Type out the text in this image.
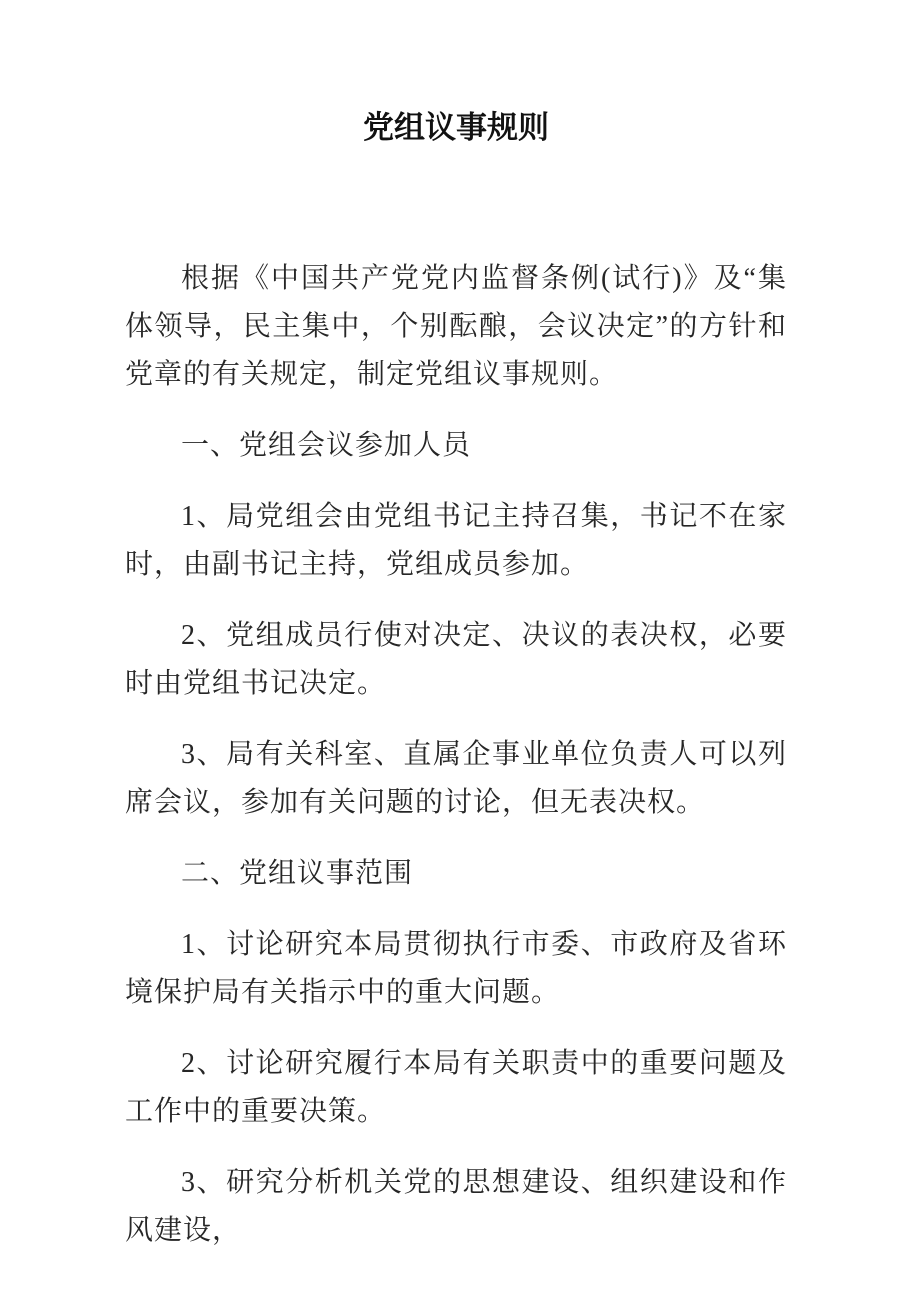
党组议事规则

根据《中国共产党党内监督条例(试行)》及“集体领导，民主集中，个别酝酿，会议决定”的方针和党章的有关规定，制定党组议事规则。

一、党组会议参加人员

1、局党组会由党组书记主持召集，书记不在家时，由副书记主持，党组成员参加。

2、党组成员行使对决定、决议的表决权，必要时由党组书记决定。

3、局有关科室、直属企事业单位负责人可以列席会议，参加有关问题的讨论，但无表决权。

二、党组议事范围

1、讨论研究本局贯彻执行市委、市政府及省环境保护局有关指示中的重大问题。

2、讨论研究履行本局有关职责中的重要问题及工作中的重要决策。

3、研究分析机关党的思想建设、组织建设和作风建设，
